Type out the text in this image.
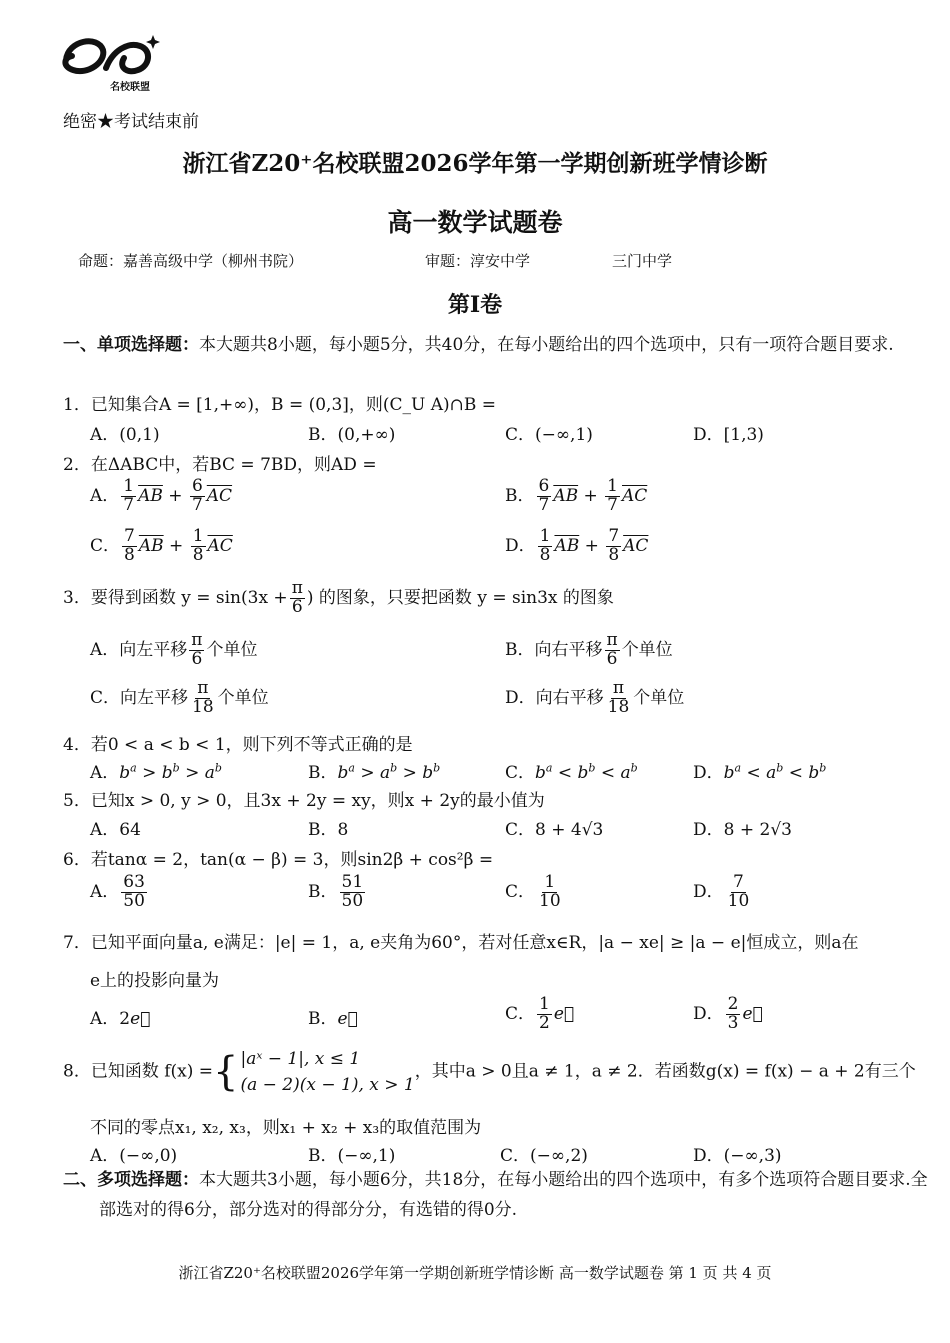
名校联盟
绝密★考试结束前
浙江省Z20⁺名校联盟2026学年第一学期创新班学情诊断
高一数学试题卷
命题：嘉善高级中学（柳州书院）	审题：淳安中学	三门中学
第Ⅰ卷
一、单项选择题：本大题共8小题，每小题5分，共40分，在每小题给出的四个选项中，只有一项符合题目要求.
1．已知集合A = [1,+∞)，B = (0,3]，则(C_U A)∩B =
A．(0,1)	B．(0,+∞)	C．(−∞,1)	D．[1,3)
2．在ΔABC中，若BC = 7BD，则AD =
A． $\frac{1}{7} \overline{AB} + \frac{6}{7} \overline{AC}$	B． $\frac{6}{7} \overline{AB} + \frac{1}{7} \overline{AC}$
C． $\frac{7}{8} \overline{AB} + \frac{1}{8} \overline{AC}$	D． $\frac{1}{8} \overline{AB} + \frac{7}{8} \overline{AC}$
3．要得到函数 $y = \sin(3x + \frac{\pi}{6}$ ) 的图象，只要把函数 y = sin3x 的图象
A．向左平移 $\frac{\pi}{6}$ 个单位	B．向右平移 $\frac{\pi}{6}$ 个单位
C．向左平移 $\frac{\pi}{18}$ 个单位	D．向右平移 $\frac{\pi}{18}$ 个单位
4．若0 < a < b < 1，则下列不等式正确的是
A．$b^a > b^b > a^b$	B．$b^a > a^b > b^b$	C．$b^a < b^b < a^b$	D．$b^a < a^b < b^b$
5．已知x > 0, y > 0，且3x + 2y = xy，则x + 2y的最小值为
A．64	B．8	C．8 + 4√3	D．8 + 2√3
6．若tanα = 2，tan(α − β) = 3，则sin2β + cos²β =
A． $\frac{63}{50}$	B． $\frac{51}{50}$	C． $\frac{1}{10}$	D． $\frac{7}{10}$
7．已知平面向量a, e满足：|e| = 1，a, e夹角为60°，若对任意x∈R，|a − xe| ≥ |a − e|恒成立，则a在
e上的投影向量为
A．2e⃗	B．e⃗	C． $\frac{1}{2}$ e⃗	D． $\frac{2}{3}$ e⃗
8．已知函数 f(x) ={ |aˣ − 1|, x ≤ 1
(a − 2)(x − 1), x > 1
，其中a > 0且a ≠ 1，a ≠ 2．若函数g(x) = f(x) − a + 2有三个
不同的零点x₁, x₂, x₃，则x₁ + x₂ + x₃的取值范围为
A．(−∞,0)	B．(−∞,1)	C．(−∞,2)	D．(−∞,3)
二、多项选择题：本大题共3小题，每小题6分，共18分，在每小题给出的四个选项中，有多个选项符合题目要求.全部选对的得6分，部分选对的得部分分，有选错的得0分.
浙江省Z20⁺名校联盟2026学年第一学期创新班学情诊断 高一数学试题卷 第 1 页 共 4 页
